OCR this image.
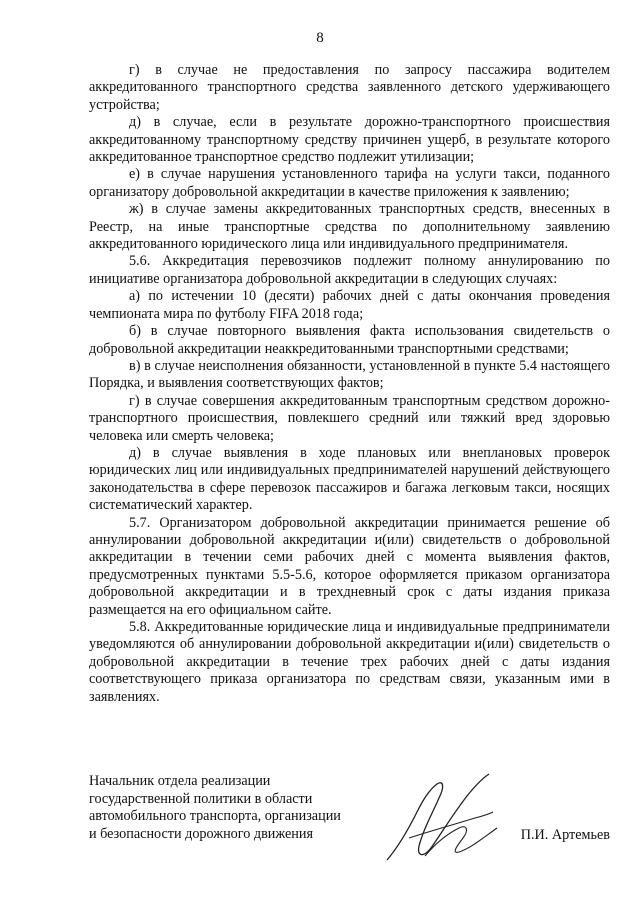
8

г) в случае не предоставления по запросу пассажира водителем аккредитованного транспортного средства заявленного детского удерживающего устройства;

д) в случае, если в результате дорожно-транспортного происшествия аккредитованному транспортному средству причинен ущерб, в результате которого аккредитованное транспортное средство подлежит утилизации;

е) в случае нарушения установленного тарифа на услуги такси, поданного организатору добровольной аккредитации в качестве приложения к заявлению;

ж) в случае замены аккредитованных транспортных средств, внесенных в Реестр, на иные транспортные средства по дополнительному заявлению аккредитованного юридического лица или индивидуального предпринимателя.

5.6. Аккредитация перевозчиков подлежит полному аннулированию по инициативе организатора добровольной аккредитации в следующих случаях:

а) по истечении 10 (десяти) рабочих дней с даты окончания проведения чемпионата мира по футболу FIFA 2018 года;

б) в случае повторного выявления факта использования свидетельств о добровольной аккредитации неаккредитованными транспортными средствами;

в) в случае неисполнения обязанности, установленной в пункте 5.4 настоящего Порядка, и выявления соответствующих фактов;

г) в случае совершения аккредитованным транспортным средством дорожно-транспортного происшествия, повлекшего средний или тяжкий вред здоровью человека или смерть человека;

д) в случае выявления в ходе плановых или внеплановых проверок юридических лиц или индивидуальных предпринимателей нарушений действующего законодательства в сфере перевозок пассажиров и багажа легковым такси, носящих систематический характер.

5.7. Организатором добровольной аккредитации принимается решение об аннулировании добровольной аккредитации и(или) свидетельств о добровольной аккредитации в течении семи рабочих дней с момента выявления фактов, предусмотренных пунктами 5.5-5.6, которое оформляется приказом организатора добровольной аккредитации и в трехдневный срок с даты издания приказа размещается на его официальном сайте.

5.8. Аккредитованные юридические лица и индивидуальные предприниматели уведомляются об аннулировании добровольной аккредитации и(или) свидетельств о добровольной аккредитации в течение трех рабочих дней с даты издания соответствующего приказа организатора по средствам связи, указанным ими в заявлениях.

Начальник отдела реализации
государственной политики в области
автомобильного транспорта, организации
и безопасности дорожного движения	П.И. Артемьев
